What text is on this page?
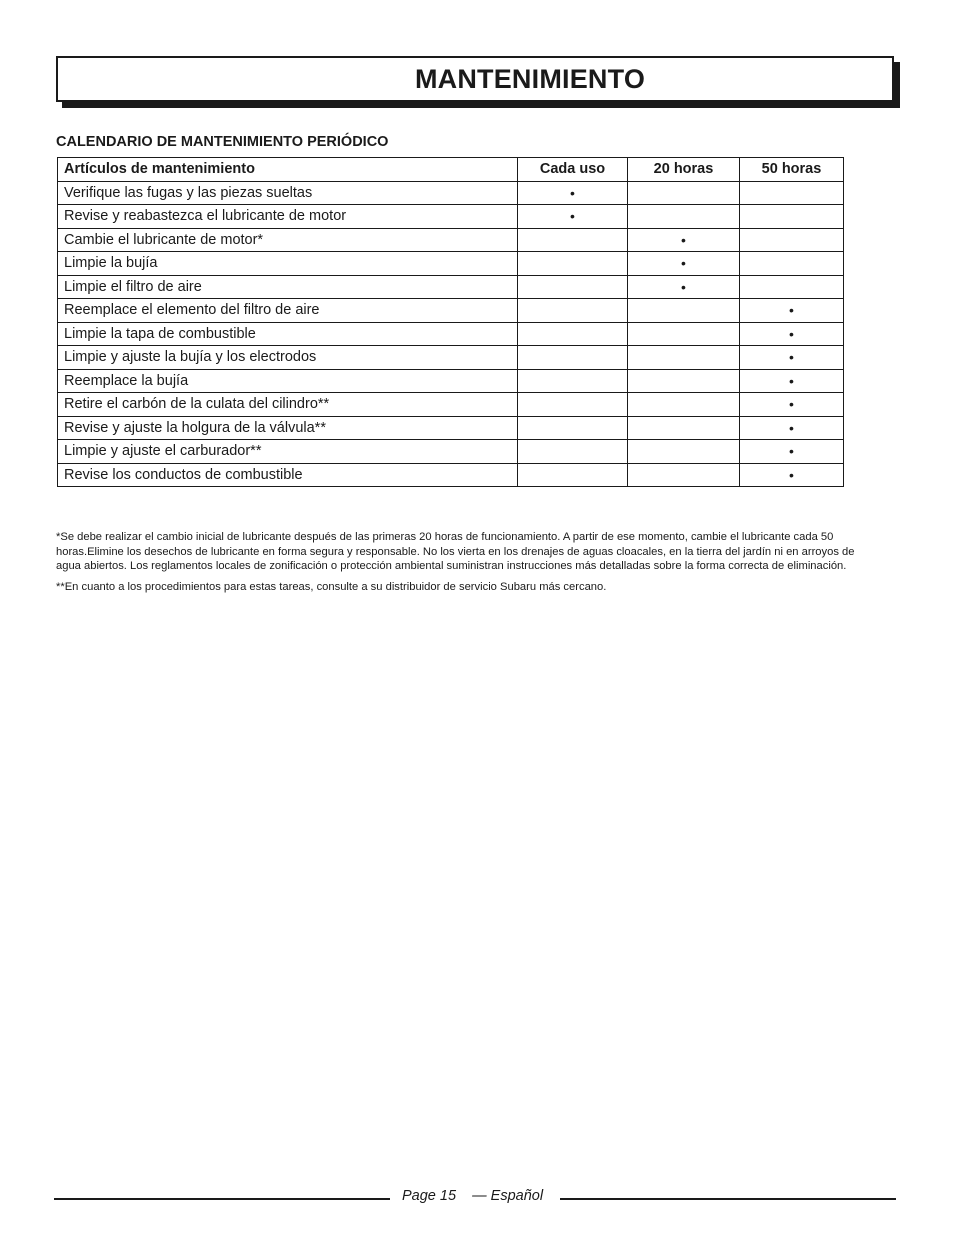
MANTENIMIENTO
CALENDARIO DE MANTENIMIENTO PERIÓDICO
Artículos de mantenimiento	Cada uso	20 horas	50 horas
Verifique las fugas y las piezas sueltas	•		
Revise y reabastezca el lubricante de motor	•		
Cambie el lubricante de motor*		•	
Limpie la bujía		•	
Limpie el filtro de aire		•	
Reemplace el elemento del filtro de aire			•
Limpie la tapa de combustible			•
Limpie y ajuste la bujía y los electrodos			•
Reemplace la bujía			•
Retire el carbón de la culata del cilindro**			•
Revise y ajuste la holgura de la válvula**			•
Limpie y ajuste el carburador**			•
Revise los conductos de combustible			•

*Se debe realizar el cambio inicial de lubricante después de las primeras 20 horas de funcionamiento. A partir de ese momento, cambie el lubricante cada 50 horas.Elimine los desechos de lubricante en forma segura y responsable. No los vierta en los drenajes de aguas cloacales, en la tierra del jardín ni en arroyos de agua abiertos. Los reglamentos locales de zonificación o protección ambiental suministran instrucciones más detalladas sobre la forma correcta de eliminación.

**En cuanto a los procedimientos para estas tareas, consulte a su distribuidor de servicio Subaru más cercano.

Page 15    — Español
